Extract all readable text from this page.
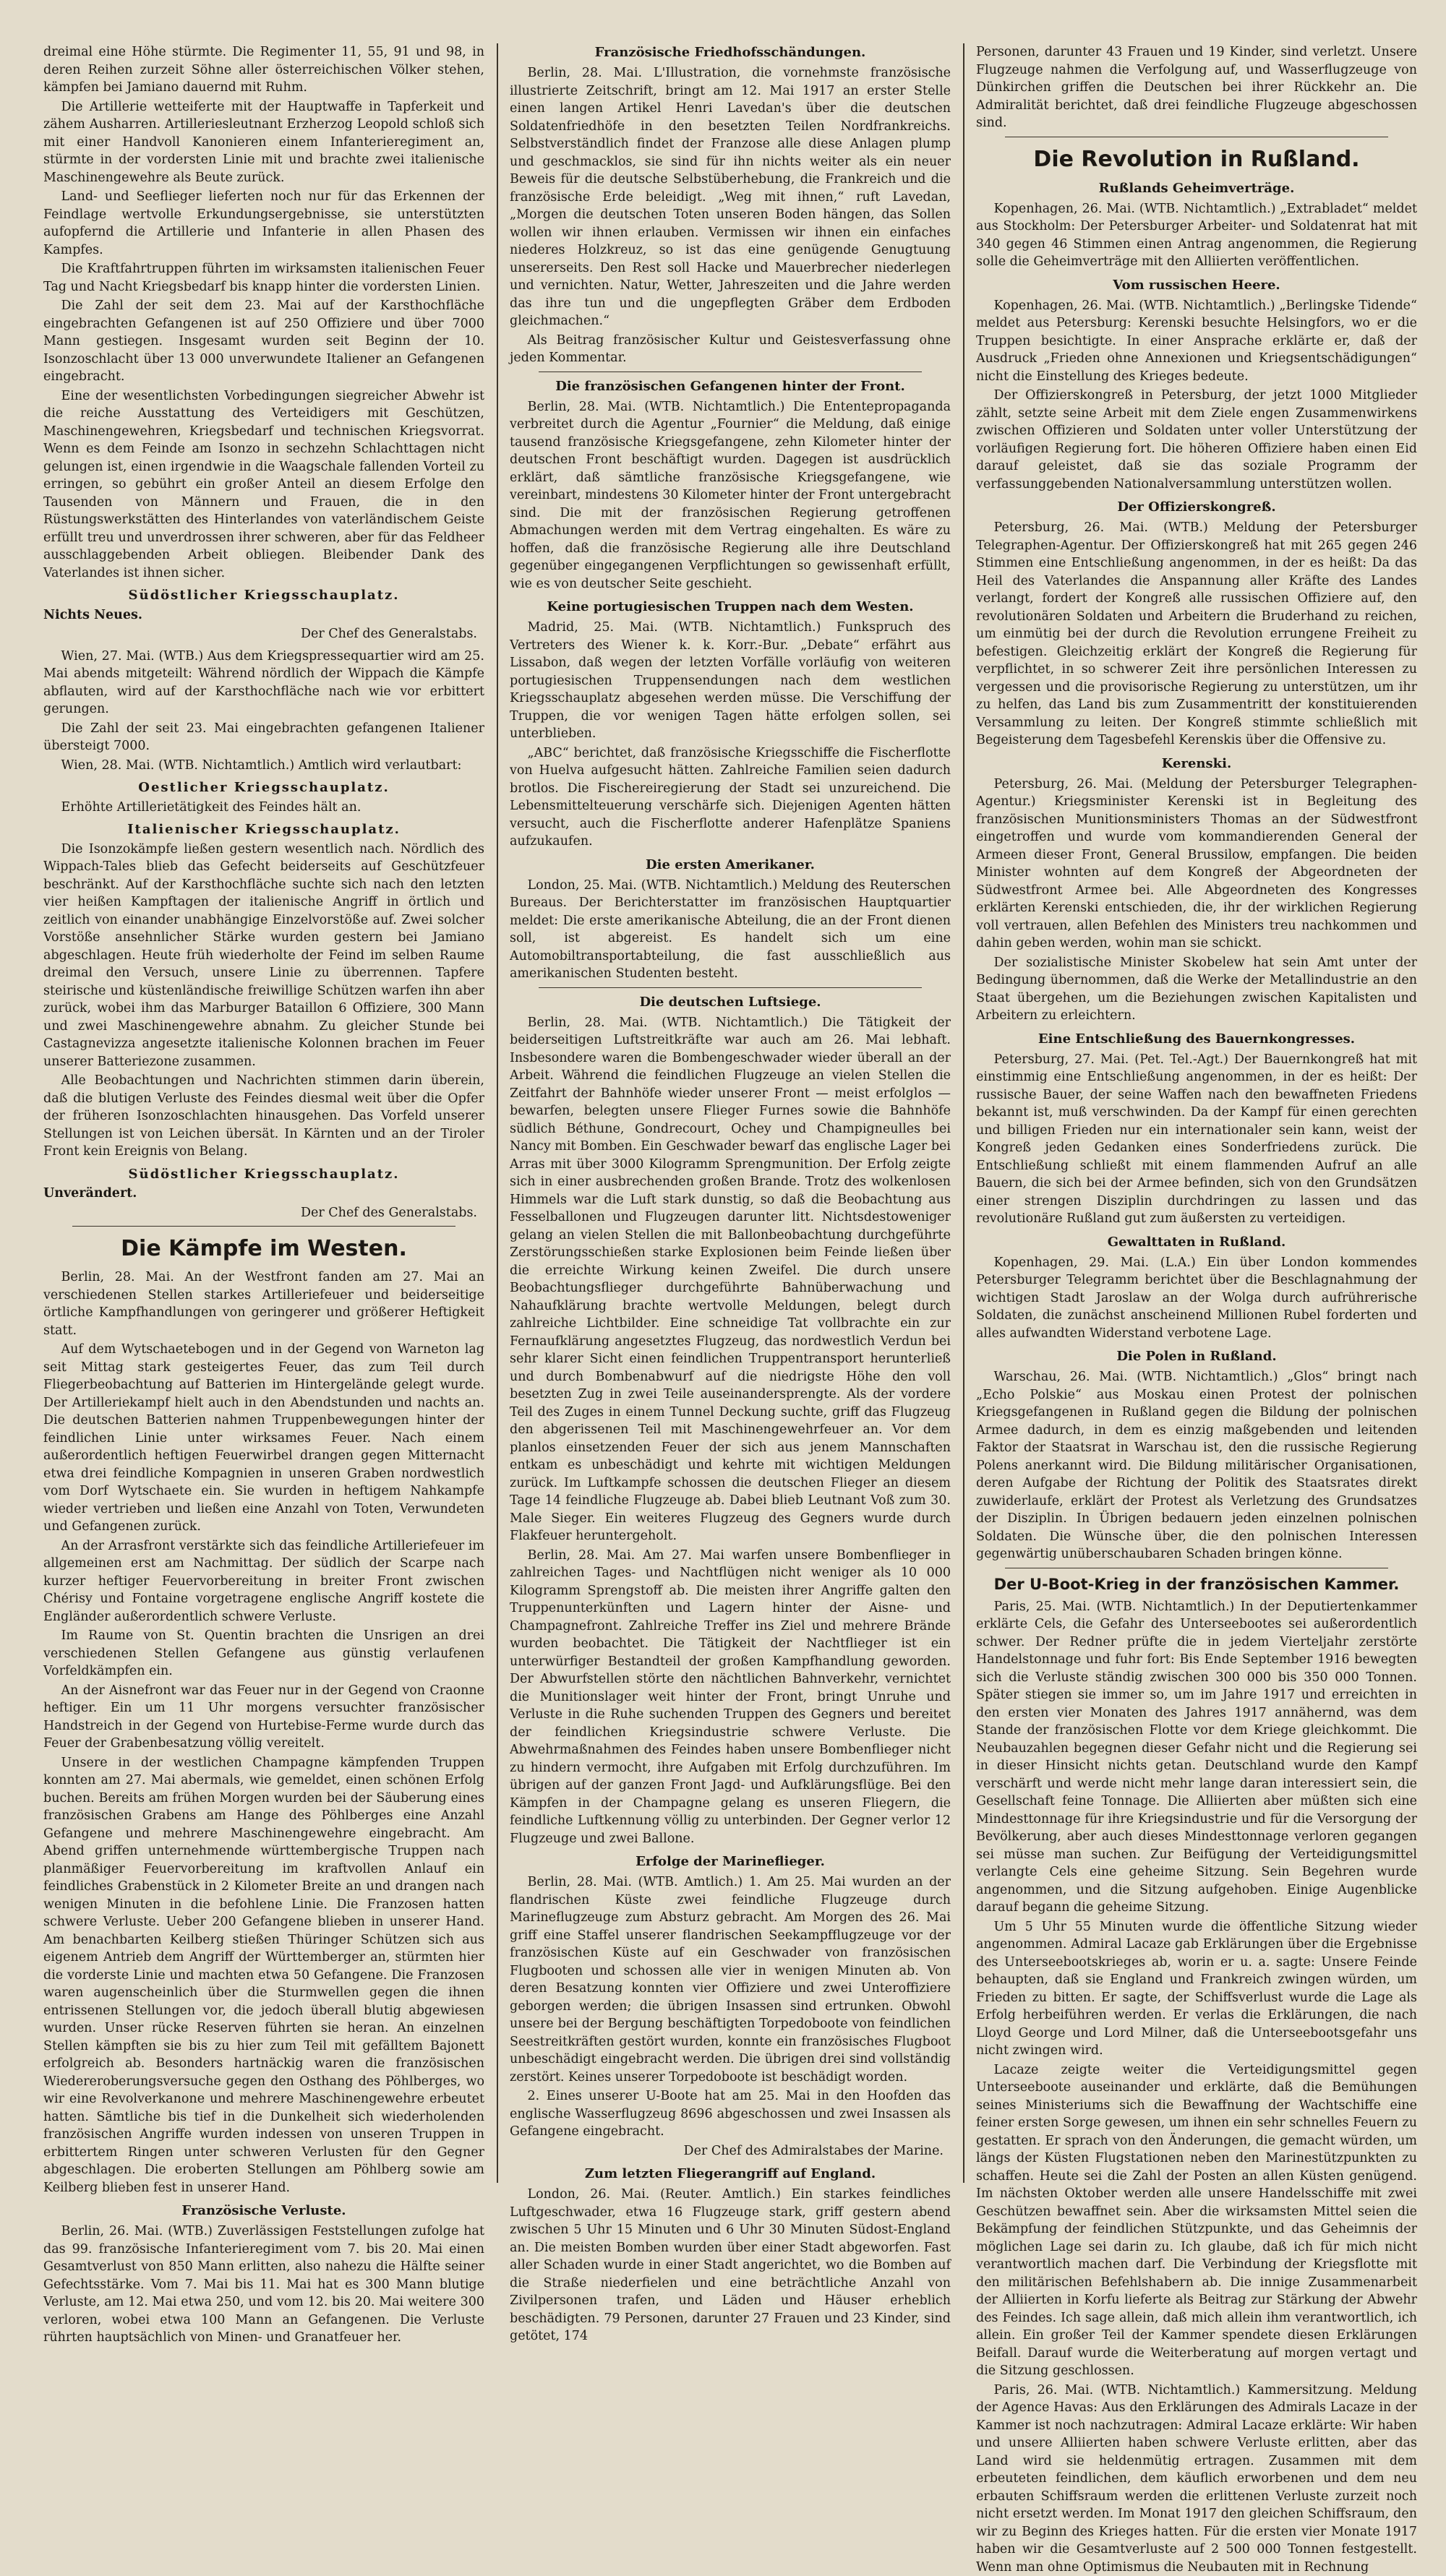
dreimal eine Höhe stürmte. Die Regimenter 11, 55, 91 und 98, in deren Reihen zurzeit Söhne aller österreichischen Völker stehen, kämpfen bei Jamiano dauernd mit Ruhm.

Die Artillerie wetteiferte mit der Hauptwaffe in Tapferkeit und zähem Ausharren. Artilleriesleutnant Erzherzog Leopold schloß sich mit einer Handvoll Kanonieren einem Infanterieregiment an, stürmte in der vordersten Linie mit und brachte zwei italienische Maschinengewehre als Beute zurück.

Land- und Seeflieger lieferten noch nur für das Erkennen der Feindlage wertvolle Erkundungsergebnisse, sie unterstützten aufopfernd die Artillerie und Infanterie in allen Phasen des Kampfes.

Die Kraftfahrtruppen führten im wirksamsten italienischen Feuer Tag und Nacht Kriegsbedarf bis knapp hinter die vordersten Linien.

Die Zahl der seit dem 23. Mai auf der Karsthochfläche eingebrachten Gefangenen ist auf 250 Offiziere und über 7000 Mann gestiegen. Insgesamt wurden seit Beginn der 10. Isonzoschlacht über 13 000 unverwundete Italiener an Gefangenen eingebracht.

Eine der wesentlichsten Vorbedingungen siegreicher Abwehr ist die reiche Ausstattung des Verteidigers mit Geschützen, Maschinengewehren, Kriegsbedarf und technischen Kriegsvorrat. Wenn es dem Feinde am Isonzo in sechzehn Schlachttagen nicht gelungen ist, einen irgendwie in die Waagschale fallenden Vorteil zu erringen, so gebührt ein großer Anteil an diesem Erfolge den Tausenden von Männern und Frauen, die in den Rüstungswerkstätten des Hinterlandes von vaterländischem Geiste erfüllt treu und unverdrossen ihrer schweren, aber für das Feldheer ausschlaggebenden Arbeit obliegen. Bleibender Dank des Vaterlandes ist ihnen sicher.

Südöstlicher Kriegsschauplatz.

Nichts Neues.

Der Chef des Generalstabs.

Wien, 27. Mai. (WTB.) Aus dem Kriegspressequartier wird am 25. Mai abends mitgeteilt: Während nördlich der Wippach die Kämpfe abflauten, wird auf der Karsthochfläche nach wie vor erbittert gerungen.

Die Zahl der seit 23. Mai eingebrachten gefangenen Italiener übersteigt 7000.

Wien, 28. Mai. (WTB. Nichtamtlich.) Amtlich wird verlautbart:

Oestlicher Kriegsschauplatz.

Erhöhte Artillerietätigkeit des Feindes hält an.

Italienischer Kriegsschauplatz.

Die Isonzokämpfe ließen gestern wesentlich nach. Nördlich des Wippach-Tales blieb das Gefecht beiderseits auf Geschützfeuer beschränkt. Auf der Karsthochfläche suchte sich nach den letzten vier heißen Kampftagen der italienische Angriff in örtlich und zeitlich von einander unabhängige Einzelvorstöße auf. Zwei solcher Vorstöße ansehnlicher Stärke wurden gestern bei Jamiano abgeschlagen. Heute früh wiederholte der Feind im selben Raume dreimal den Versuch, unsere Linie zu überrennen. Tapfere steirische und küstenländische freiwillige Schützen warfen ihn aber zurück, wobei ihm das Marburger Bataillon 6 Offiziere, 300 Mann und zwei Maschinengewehre abnahm. Zu gleicher Stunde bei Castagnevizza angesetzte italienische Kolonnen brachen im Feuer unserer Batteriezone zusammen.

Alle Beobachtungen und Nachrichten stimmen darin überein, daß die blutigen Verluste des Feindes diesmal weit über die Opfer der früheren Isonzoschlachten hinausgehen. Das Vorfeld unserer Stellungen ist von Leichen übersät. In Kärnten und an der Tiroler Front kein Ereignis von Belang.

Südöstlicher Kriegsschauplatz.

Unverändert.

Der Chef des Generalstabs.
Die Kämpfe im Westen.

Berlin, 28. Mai. An der Westfront fanden am 27. Mai an verschiedenen Stellen starkes Artilleriefeuer und beiderseitige örtliche Kampfhandlungen von geringerer und größerer Heftigkeit statt.

Auf dem Wytschaetebogen und in der Gegend von Warneton lag seit Mittag stark gesteigertes Feuer, das zum Teil durch Fliegerbeobachtung auf Batterien im Hintergelände gelegt wurde. Der Artilleriekampf hielt auch in den Abendstunden und nachts an. Die deutschen Batterien nahmen Truppenbewegungen hinter der feindlichen Linie unter wirksames Feuer. Nach einem außerordentlich heftigen Feuerwirbel drangen gegen Mitternacht etwa drei feindliche Kompagnien in unseren Graben nordwestlich vom Dorf Wytschaete ein. Sie wurden in heftigem Nahkampfe wieder vertrieben und ließen eine Anzahl von Toten, Verwundeten und Gefangenen zurück.

An der Arrasfront verstärkte sich das feindliche Artilleriefeuer im allgemeinen erst am Nachmittag. Der südlich der Scarpe nach kurzer heftiger Feuervorbereitung in breiter Front zwischen Chérisy und Fontaine vorgetragene englische Angriff kostete die Engländer außerordentlich schwere Verluste.

Im Raume von St. Quentin brachten die Unsrigen an drei verschiedenen Stellen Gefangene aus günstig verlaufenen Vorfeldkämpfen ein.

An der Aisnefront war das Feuer nur in der Gegend von Craonne heftiger. Ein um 11 Uhr morgens versuchter französischer Handstreich in der Gegend von Hurtebise-Ferme wurde durch das Feuer der Grabenbesatzung völlig vereitelt.

Unsere in der westlichen Champagne kämpfenden Truppen konnten am 27. Mai abermals, wie gemeldet, einen schönen Erfolg buchen. Bereits am frühen Morgen wurden bei der Säuberung eines französischen Grabens am Hange des Pöhlberges eine Anzahl Gefangene und mehrere Maschinengewehre eingebracht. Am Abend griffen unternehmende württembergische Truppen nach planmäßiger Feuervorbereitung im kraftvollen Anlauf ein feindliches Grabenstück in 2 Kilometer Breite an und drangen nach wenigen Minuten in die befohlene Linie. Die Franzosen hatten schwere Verluste. Ueber 200 Gefangene blieben in unserer Hand. Am benachbarten Keilberg stießen Thüringer Schützen sich aus eigenem Antrieb dem Angriff der Württemberger an, stürmten hier die vorderste Linie und machten etwa 50 Gefangene. Die Franzosen waren augenscheinlich über die Sturmwellen gegen die ihnen entrissenen Stellungen vor, die jedoch überall blutig abgewiesen wurden. Unser rücke Reserven führten sie heran. An einzelnen Stellen kämpften sie bis zu hier zum Teil mit gefälltem Bajonett erfolgreich ab. Besonders hartnäckig waren die französischen Wiedereroberungsversuche gegen den Osthang des Pöhlberges, wo wir eine Revolverkanone und mehrere Maschinengewehre erbeutet hatten. Sämtliche bis tief in die Dunkelheit sich wiederholenden französischen Angriffe wurden indessen von unseren Truppen in erbittertem Ringen unter schweren Verlusten für den Gegner abgeschlagen. Die eroberten Stellungen am Pöhlberg sowie am Keilberg blieben fest in unserer Hand.

Französische Verluste.

Berlin, 26. Mai. (WTB.) Zuverlässigen Feststellungen zufolge hat das 99. französische Infanterieregiment vom 7. bis 20. Mai einen Gesamtverlust von 850 Mann erlitten, also nahezu die Hälfte seiner Gefechtsstärke. Vom 7. Mai bis 11. Mai hat es 300 Mann blutige Verluste, am 12. Mai etwa 250, und vom 12. bis 20. Mai weitere 300 verloren, wobei etwa 100 Mann an Gefangenen. Die Verluste rührten hauptsächlich von Minen- und Granatfeuer her.

Französische Friedhofsschändungen.

Berlin, 28. Mai. L'Illustration, die vornehmste französische illustrierte Zeitschrift, bringt am 12. Mai 1917 an erster Stelle einen langen Artikel Henri Lavedan's über die deutschen Soldatenfriedhöfe in den besetzten Teilen Nordfrankreichs. Selbstverständlich findet der Franzose alle diese Anlagen plump und geschmacklos, sie sind für ihn nichts weiter als ein neuer Beweis für die deutsche Selbstüberhebung, die Frankreich und die französische Erde beleidigt. „Weg mit ihnen,“ ruft Lavedan, „Morgen die deutschen Toten unseren Boden hängen, das Sollen wollen wir ihnen erlauben. Vermissen wir ihnen ein einfaches niederes Holzkreuz, so ist das eine genügende Genugtuung unsererseits. Den Rest soll Hacke und Mauerbrecher niederlegen und vernichten. Natur, Wetter, Jahreszeiten und die Jahre werden das ihre tun und die ungepflegten Gräber dem Erdboden gleichmachen.“

Als Beitrag französischer Kultur und Geistesverfassung ohne jeden Kommentar.

Die französischen Gefangenen hinter der Front.

Berlin, 28. Mai. (WTB. Nichtamtlich.) Die Ententepropaganda verbreitet durch die Agentur „Fournier“ die Meldung, daß einige tausend französische Kriegsgefangene, zehn Kilometer hinter der deutschen Front beschäftigt wurden. Dagegen ist ausdrücklich erklärt, daß sämtliche französische Kriegsgefangene, wie vereinbart, mindestens 30 Kilometer hinter der Front untergebracht sind. Die mit der französischen Regierung getroffenen Abmachungen werden mit dem Vertrag eingehalten. Es wäre zu hoffen, daß die französische Regierung alle ihre Deutschland gegenüber eingegangenen Verpflichtungen so gewissenhaft erfüllt, wie es von deutscher Seite geschieht.

Keine portugiesischen Truppen nach dem Westen.

Madrid, 25. Mai. (WTB. Nichtamtlich.) Funkspruch des Vertreters des Wiener k. k. Korr.-Bur. „Debate“ erfährt aus Lissabon, daß wegen der letzten Vorfälle vorläufig von weiteren portugiesischen Truppensendungen nach dem westlichen Kriegsschauplatz abgesehen werden müsse. Die Verschiffung der Truppen, die vor wenigen Tagen hätte erfolgen sollen, sei unterblieben.

„ABC“ berichtet, daß französische Kriegsschiffe die Fischerflotte von Huelva aufgesucht hätten. Zahlreiche Familien seien dadurch brotlos. Die Fischereiregierung der Stadt sei unzureichend. Die Lebensmittelteuerung verschärfe sich. Diejenigen Agenten hätten versucht, auch die Fischerflotte anderer Hafenplätze Spaniens aufzukaufen.

Die ersten Amerikaner.

London, 25. Mai. (WTB. Nichtamtlich.) Meldung des Reuterschen Bureaus. Der Berichterstatter im französischen Hauptquartier meldet: Die erste amerikanische Abteilung, die an der Front dienen soll, ist abgereist. Es handelt sich um eine Automobiltransportabteilung, die fast ausschließlich aus amerikanischen Studenten besteht.

Die deutschen Luftsiege.

Berlin, 28. Mai. (WTB. Nichtamtlich.) Die Tätigkeit der beiderseitigen Luftstreitkräfte war auch am 26. Mai lebhaft. Insbesondere waren die Bombengeschwader wieder überall an der Arbeit. Während die feindlichen Flugzeuge an vielen Stellen die Zeitfahrt der Bahnhöfe wieder unserer Front — meist erfolglos — bewarfen, belegten unsere Flieger Furnes sowie die Bahnhöfe südlich Béthune, Gondrecourt, Ochey und Champigneulles bei Nancy mit Bomben. Ein Geschwader bewarf das englische Lager bei Arras mit über 3000 Kilogramm Sprengmunition. Der Erfolg zeigte sich in einer ausbrechenden großen Brande. Trotz des wolkenlosen Himmels war die Luft stark dunstig, so daß die Beobachtung aus Fesselballonen und Flugzeugen darunter litt. Nichtsdestoweniger gelang an vielen Stellen die mit Ballonbeobachtung durchgeführte Zerstörungsschießen starke Explosionen beim Feinde ließen über die erreichte Wirkung keinen Zweifel. Die durch unsere Beobachtungsflieger durchgeführte Bahnüberwachung und Nahaufklärung brachte wertvolle Meldungen, belegt durch zahlreiche Lichtbilder. Eine schneidige Tat vollbrachte ein zur Fernaufklärung angesetztes Flugzeug, das nordwestlich Verdun bei sehr klarer Sicht einen feindlichen Truppentransport herunterließ und durch Bombenabwurf auf die niedrigste Höhe den voll besetzten Zug in zwei Teile auseinandersprengte. Als der vordere Teil des Zuges in einem Tunnel Deckung suchte, griff das Flugzeug den abgerissenen Teil mit Maschinengewehrfeuer an. Vor dem planlos einsetzenden Feuer der sich aus jenem Mannschaften entkam es unbeschädigt und kehrte mit wichtigen Meldungen zurück. Im Luftkampfe schossen die deutschen Flieger an diesem Tage 14 feindliche Flugzeuge ab. Dabei blieb Leutnant Voß zum 30. Male Sieger. Ein weiteres Flugzeug des Gegners wurde durch Flakfeuer heruntergeholt.

Berlin, 28. Mai. Am 27. Mai warfen unsere Bombenflieger in zahlreichen Tages- und Nachtflügen nicht weniger als 10 000 Kilogramm Sprengstoff ab. Die meisten ihrer Angriffe galten den Truppenunterkünften und Lagern hinter der Aisne- und Champagnefront. Zahlreiche Treffer ins Ziel und mehrere Brände wurden beobachtet. Die Tätigkeit der Nachtflieger ist ein unterwürfiger Bestandteil der großen Kampfhandlung geworden. Der Abwurfstellen störte den nächtlichen Bahnverkehr, vernichtet die Munitionslager weit hinter der Front, bringt Unruhe und Verluste in die Ruhe suchenden Truppen des Gegners und bereitet der feindlichen Kriegsindustrie schwere Verluste. Die Abwehrmaßnahmen des Feindes haben unsere Bombenflieger nicht zu hindern vermocht, ihre Aufgaben mit Erfolg durchzuführen. Im übrigen auf der ganzen Front Jagd- und Aufklärungsflüge. Bei den Kämpfen in der Champagne gelang es unseren Fliegern, die feindliche Luftkennung völlig zu unterbinden. Der Gegner verlor 12 Flugzeuge und zwei Ballone.

Erfolge der Marineflieger.

Berlin, 28. Mai. (WTB. Amtlich.) 1. Am 25. Mai wurden an der flandrischen Küste zwei feindliche Flugzeuge durch Marineflugzeuge zum Absturz gebracht. Am Morgen des 26. Mai griff eine Staffel unserer flandrischen Seekampfflugzeuge vor der französischen Küste auf ein Geschwader von französischen Flugbooten und schossen alle vier in wenigen Minuten ab. Von deren Besatzung konnten vier Offiziere und zwei Unteroffiziere geborgen werden; die übrigen Insassen sind ertrunken. Obwohl unsere bei der Bergung beschäftigten Torpedoboote von feindlichen Seestreitkräften gestört wurden, konnte ein französisches Flugboot unbeschädigt eingebracht werden. Die übrigen drei sind vollständig zerstört. Keines unserer Torpedoboote ist beschädigt worden.

2. Eines unserer U-Boote hat am 25. Mai in den Hoofden das englische Wasserflugzeug 8696 abgeschossen und zwei Insassen als Gefangene eingebracht.

Der Chef des Admiralstabes der Marine.
Zum letzten Fliegerangriff auf England.

London, 26. Mai. (Reuter. Amtlich.) Ein starkes feindliches Luftgeschwader, etwa 16 Flugzeuge stark, griff gestern abend zwischen 5 Uhr 15 Minuten und 6 Uhr 30 Minuten Südost-England an. Die meisten Bomben wurden über einer Stadt abgeworfen. Fast aller Schaden wurde in einer Stadt angerichtet, wo die Bomben auf die Straße niederfielen und eine beträchtliche Anzahl von Zivilpersonen trafen, und Läden und Häuser erheblich beschädigten. 79 Personen, darunter 27 Frauen und 23 Kinder, sind getötet, 174

Personen, darunter 43 Frauen und 19 Kinder, sind verletzt. Unsere Flugzeuge nahmen die Verfolgung auf, und Wasserflugzeuge von Dünkirchen griffen die Deutschen bei ihrer Rückkehr an. Die Admiralität berichtet, daß drei feindliche Flugzeuge abgeschossen sind.

Die Revolution in Rußland.
Rußlands Geheimverträge.

Kopenhagen, 26. Mai. (WTB. Nichtamtlich.) „Extrabladet“ meldet aus Stockholm: Der Petersburger Arbeiter- und Soldatenrat hat mit 340 gegen 46 Stimmen einen Antrag angenommen, die Regierung solle die Geheimverträge mit den Alliierten veröffentlichen.

Vom russischen Heere.

Kopenhagen, 26. Mai. (WTB. Nichtamtlich.) „Berlingske Tidende“ meldet aus Petersburg: Kerenski besuchte Helsingfors, wo er die Truppen besichtigte. In einer Ansprache erklärte er, daß der Ausdruck „Frieden ohne Annexionen und Kriegsentschädigungen“ nicht die Einstellung des Krieges bedeute.

Der Offizierskongreß in Petersburg, der jetzt 1000 Mitglieder zählt, setzte seine Arbeit mit dem Ziele engen Zusammenwirkens zwischen Offizieren und Soldaten unter voller Unterstützung der vorläufigen Regierung fort. Die höheren Offiziere haben einen Eid darauf geleistet, daß sie das soziale Programm der verfassunggebenden Nationalversammlung unterstützen wollen.

Der Offizierskongreß.

Petersburg, 26. Mai. (WTB.) Meldung der Petersburger Telegraphen-Agentur. Der Offizierskongreß hat mit 265 gegen 246 Stimmen eine Entschließung angenommen, in der es heißt: Da das Heil des Vaterlandes die Anspannung aller Kräfte des Landes verlangt, fordert der Kongreß alle russischen Offiziere auf, den revolutionären Soldaten und Arbeitern die Bruderhand zu reichen, um einmütig bei der durch die Revolution errungene Freiheit zu befestigen. Gleichzeitig erklärt der Kongreß die Regierung für verpflichtet, in so schwerer Zeit ihre persönlichen Interessen zu vergessen und die provisorische Regierung zu unterstützen, um ihr zu helfen, das Land bis zum Zusammentritt der konstituierenden Versammlung zu leiten. Der Kongreß stimmte schließlich mit Begeisterung dem Tagesbefehl Kerenskis über die Offensive zu.

Kerenski.

Petersburg, 26. Mai. (Meldung der Petersburger Telegraphen-Agentur.) Kriegsminister Kerenski ist in Begleitung des französischen Munitionsministers Thomas an der Südwestfront eingetroffen und wurde vom kommandierenden General der Armeen dieser Front, General Brussilow, empfangen. Die beiden Minister wohnten auf dem Kongreß der Abgeordneten der Südwestfront Armee bei. Alle Abgeordneten des Kongresses erklärten Kerenski entschieden, die, ihr der wirklichen Regierung voll vertrauen, allen Befehlen des Ministers treu nachkommen und dahin geben werden, wohin man sie schickt.

Der sozialistische Minister Skobelew hat sein Amt unter der Bedingung übernommen, daß die Werke der Metallindustrie an den Staat übergehen, um die Beziehungen zwischen Kapitalisten und Arbeitern zu erleichtern.

Eine Entschließung des Bauernkongresses.

Petersburg, 27. Mai. (Pet. Tel.-Agt.) Der Bauernkongreß hat mit einstimmig eine Entschließung angenommen, in der es heißt: Der russische Bauer, der seine Waffen nach den bewaffneten Friedens bekannt ist, muß verschwinden. Da der Kampf für einen gerechten und billigen Frieden nur ein internationaler sein kann, weist der Kongreß jeden Gedanken eines Sonderfriedens zurück. Die Entschließung schließt mit einem flammenden Aufruf an alle Bauern, die sich bei der Armee befinden, sich von den Grundsätzen einer strengen Disziplin durchdringen zu lassen und das revolutionäre Rußland gut zum äußersten zu verteidigen.

Gewalttaten in Rußland.

Kopenhagen, 29. Mai. (L.A.) Ein über London kommendes Petersburger Telegramm berichtet über die Beschlagnahmung der wichtigen Stadt Jaroslaw an der Wolga durch aufrührerische Soldaten, die zunächst anscheinend Millionen Rubel forderten und alles aufwandten Widerstand verbotene Lage.

Die Polen in Rußland.

Warschau, 26. Mai. (WTB. Nichtamtlich.) „Glos“ bringt nach „Echo Polskie“ aus Moskau einen Protest der polnischen Kriegsgefangenen in Rußland gegen die Bildung der polnischen Armee dadurch, in dem es einzig maßgebenden und leitenden Faktor der Staatsrat in Warschau ist, den die russische Regierung Polens anerkannt wird. Die Bildung militärischer Organisationen, deren Aufgabe der Richtung der Politik des Staatsrates direkt zuwiderlaufe, erklärt der Protest als Verletzung des Grundsatzes der Disziplin. In Übrigen bedauern jeden einzelnen polnischen Soldaten. Die Wünsche über, die den polnischen Interessen gegenwärtig unüberschaubaren Schaden bringen könne.

Der U-Boot-Krieg in der französischen Kammer.

Paris, 25. Mai. (WTB. Nichtamtlich.) In der Deputiertenkammer erklärte Cels, die Gefahr des Unterseebootes sei außerordentlich schwer. Der Redner prüfte die in jedem Vierteljahr zerstörte Handelstonnage und fuhr fort: Bis Ende September 1916 bewegten sich die Verluste ständig zwischen 300 000 bis 350 000 Tonnen. Später stiegen sie immer so, um im Jahre 1917 und erreichten in den ersten vier Monaten des Jahres 1917 annähernd, was dem Stande der französischen Flotte vor dem Kriege gleichkommt. Die Neubauzahlen begegnen dieser Gefahr nicht und die Regierung sei in dieser Hinsicht nichts getan. Deutschland wurde den Kampf verschärft und werde nicht mehr lange daran interessiert sein, die Gesellschaft feine Tonnage. Die Alliierten aber müßten sich eine Mindesttonnage für ihre Kriegsindustrie und für die Versorgung der Bevölkerung, aber auch dieses Mindesttonnage verloren gegangen sei müsse man suchen. Zur Beifügung der Verteidigungsmittel verlangte Cels eine geheime Sitzung. Sein Begehren wurde angenommen, und die Sitzung aufgehoben. Einige Augenblicke darauf begann die geheime Sitzung.

Um 5 Uhr 55 Minuten wurde die öffentliche Sitzung wieder angenommen. Admiral Lacaze gab Erklärungen über die Ergebnisse des Unterseebootskrieges ab, worin er u. a. sagte: Unsere Feinde behaupten, daß sie England und Frankreich zwingen würden, um Frieden zu bitten. Er sagte, der Schiffsverlust wurde die Lage als Erfolg herbeiführen werden. Er verlas die Erklärungen, die nach Lloyd George und Lord Milner, daß die Unterseebootsgefahr uns nicht zwingen wird.

Lacaze zeigte weiter die Verteidigungsmittel gegen Unterseeboote auseinander und erklärte, daß die Bemühungen seines Ministeriums sich die Bewaffnung der Wachtschiffe eine feiner ersten Sorge gewesen, um ihnen ein sehr schnelles Feuern zu gestatten. Er sprach von den Änderungen, die gemacht würden, um längs der Küsten Flugstationen neben den Marinestützpunkten zu schaffen. Heute sei die Zahl der Posten an allen Küsten genügend. Im nächsten Oktober werden alle unsere Handelsschiffe mit zwei Geschützen bewaffnet sein. Aber die wirksamsten Mittel seien die Bekämpfung der feindlichen Stützpunkte, und das Geheimnis der möglichen Lage sei darin zu. Ich glaube, daß ich für mich nicht verantwortlich machen darf. Die Verbindung der Kriegsflotte mit den militärischen Befehlshabern ab. Die innige Zusammenarbeit der Alliierten in Korfu lieferte als Beitrag zur Stärkung der Abwehr des Feindes. Ich sage allein, daß mich allein ihm verantwortlich, ich allein. Ein großer Teil der Kammer spendete diesen Erklärungen Beifall. Darauf wurde die Weiterberatung auf morgen vertagt und die Sitzung geschlossen.

Paris, 26. Mai. (WTB. Nichtamtlich.) Kammersitzung. Meldung der Agence Havas: Aus den Erklärungen des Admirals Lacaze in der Kammer ist noch nachzutragen: Admiral Lacaze erklärte: Wir haben und unsere Alliierten haben schwere Verluste erlitten, aber das Land wird sie heldenmütig ertragen. Zusammen mit dem erbeuteten feindlichen, dem käuflich erworbenen und dem neu erbauten Schiffsraum werden die erlittenen Verluste zurzeit noch nicht ersetzt werden. Im Monat 1917 den gleichen Schiffsraum, den wir zu Beginn des Krieges hatten. Für die ersten vier Monate 1917 haben wir die Gesamtverluste auf 2 500 000 Tonnen festgestellt. Wenn man ohne Optimismus die Neubauten mit in Rechnung
